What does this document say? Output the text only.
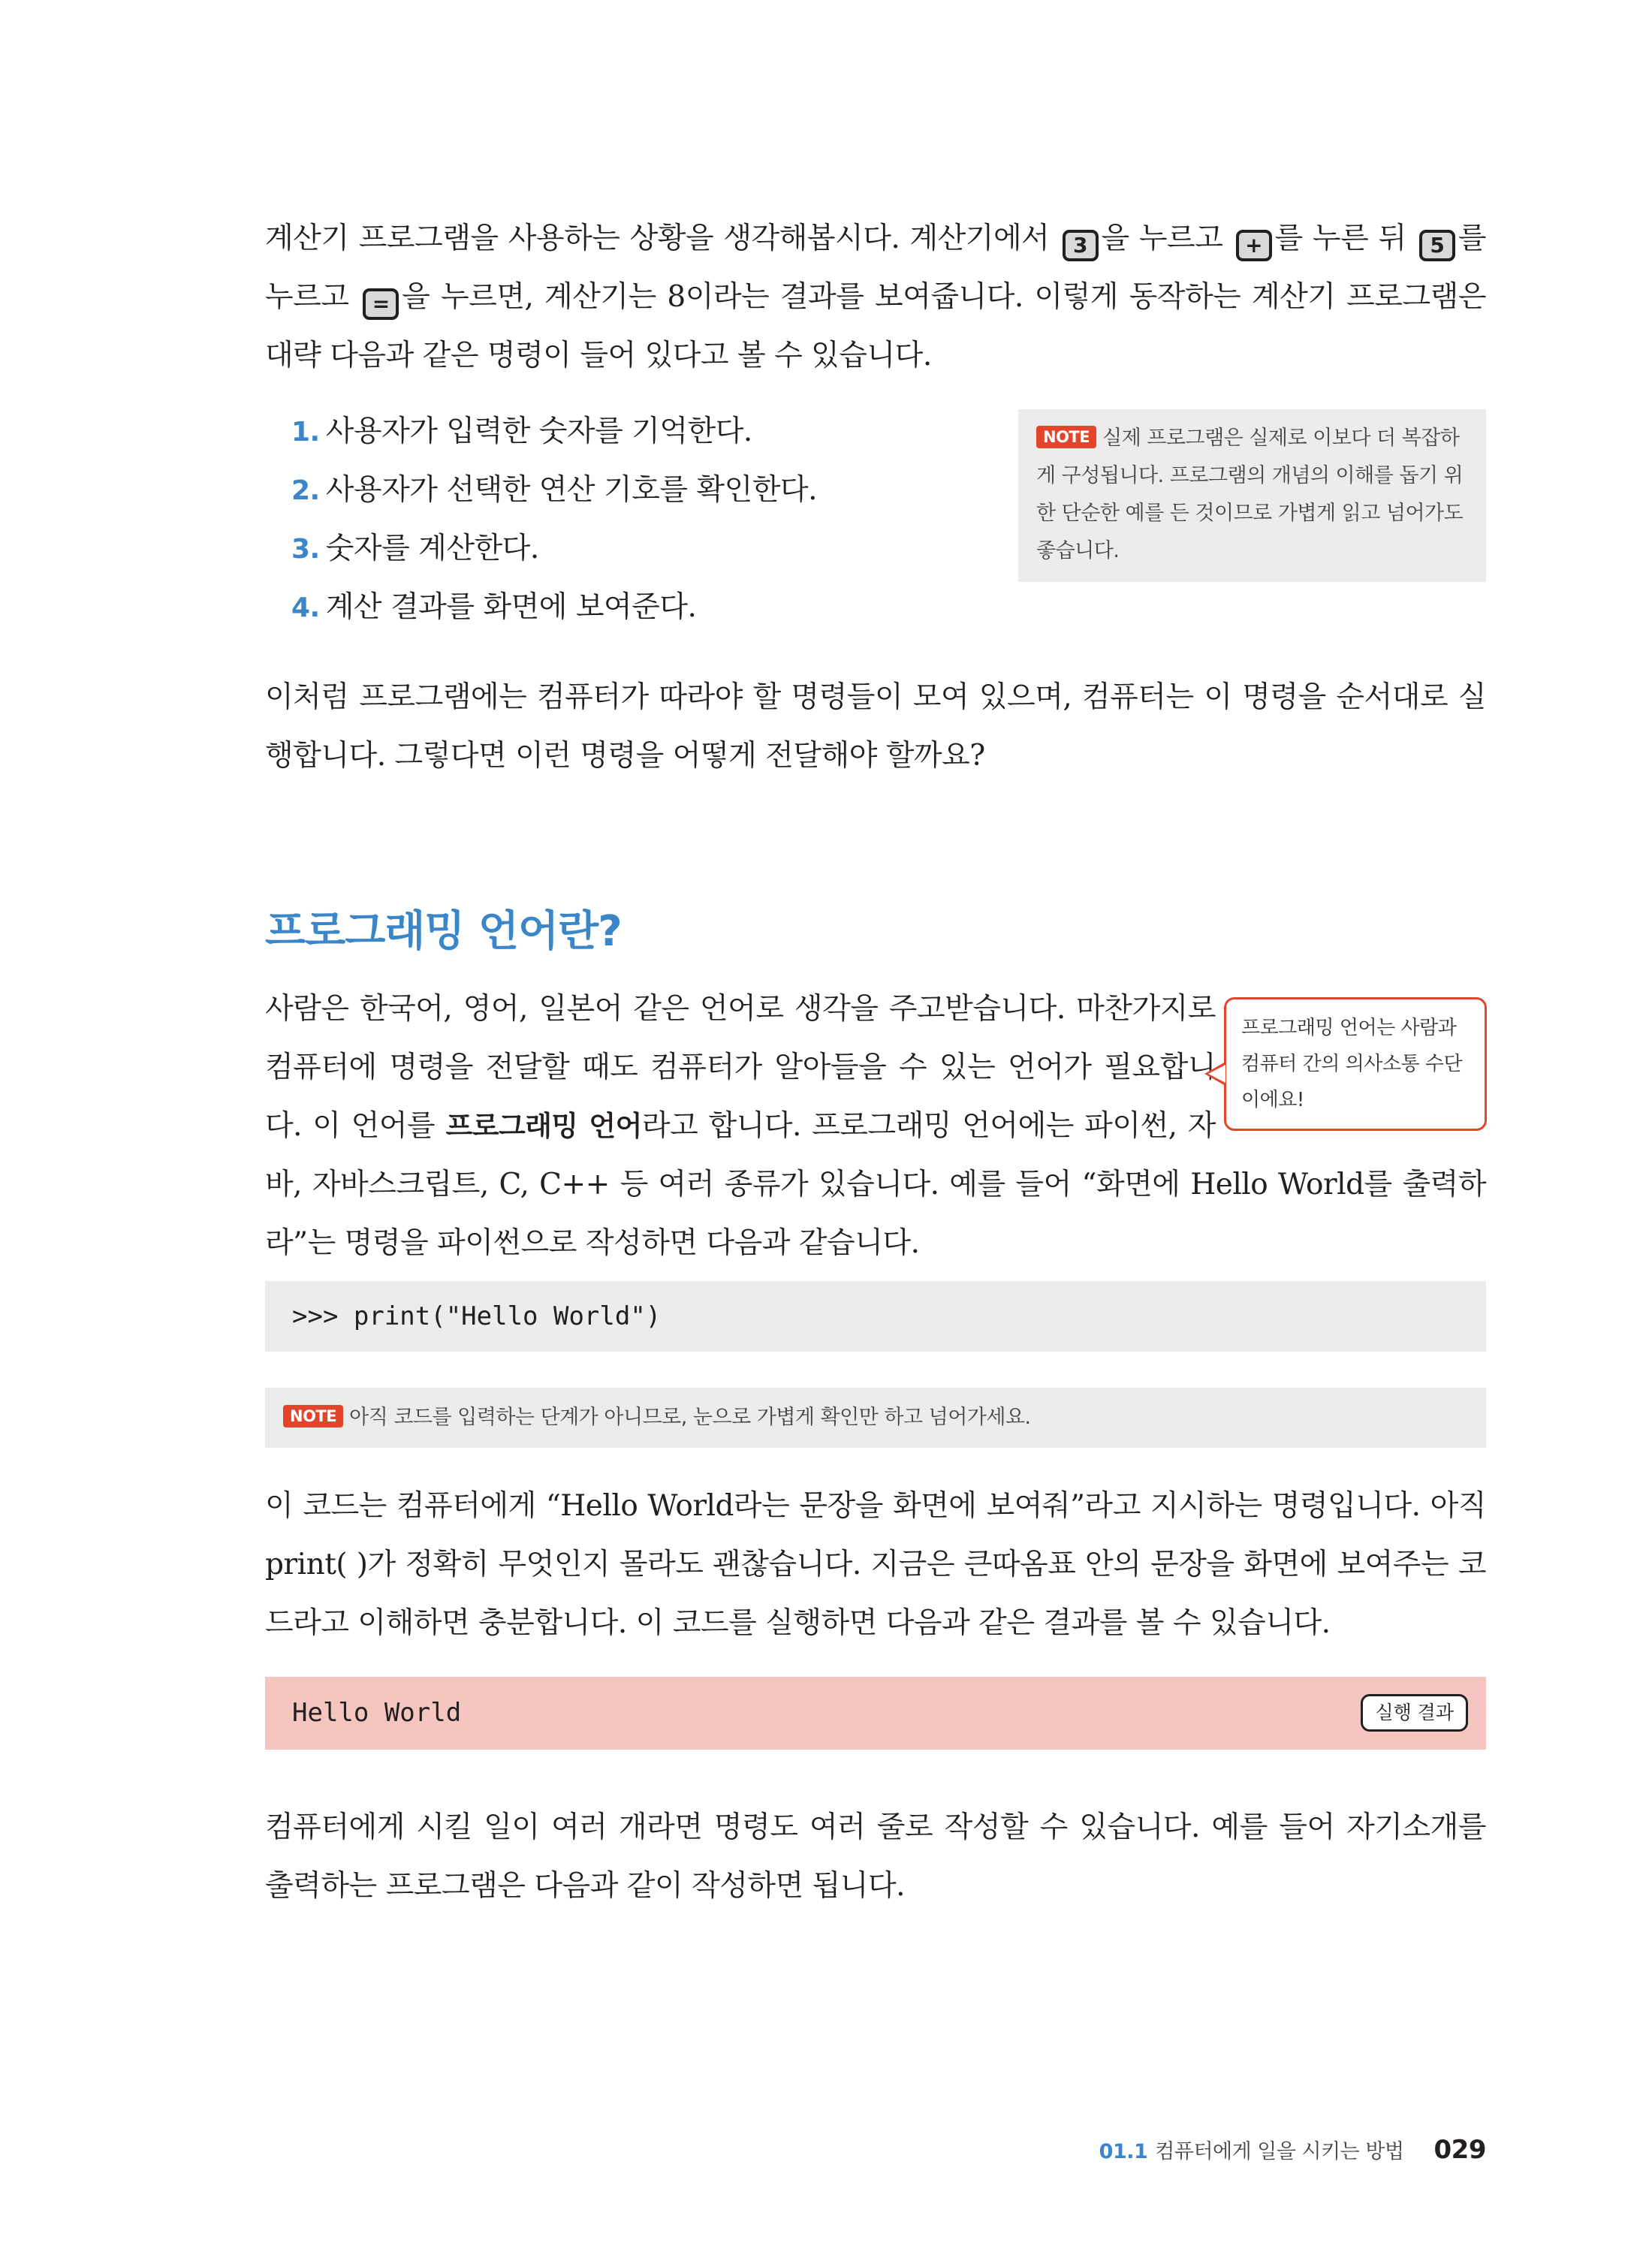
계산기 프로그램을 사용하는 상황을 생각해봅시다. 계산기에서 3 을 누르고 + 를 누른 뒤 5 를 누르고 = 을 누르면, 계산기는 8이라는 결과를 보여줍니다. 이렇게 동작하는 계산기 프로그램은 대략 다음과 같은 명령이 들어 있다고 볼 수 있습니다.

1. 사용자가 입력한 숫자를 기억한다.
2. 사용자가 선택한 연산 기호를 확인한다.
3. 숫자를 계산한다.
4. 계산 결과를 화면에 보여준다.
NOTE 실제 프로그램은 실제로 이보다 더 복잡하게 구성됩니다. 프로그램의 개념의 이해를 돕기 위한 단순한 예를 든 것이므로 가볍게 읽고 넘어가도 좋습니다.

이처럼 프로그램에는 컴퓨터가 따라야 할 명령들이 모여 있으며, 컴퓨터는 이 명령을 순서대로 실행합니다. 그렇다면 이런 명령을 어떻게 전달해야 할까요?

프로그래밍 언어란?

사람은 한국어, 영어, 일본어 같은 언어로 생각을 주고받습니다. 마찬가지로 컴퓨터에 명령을 전달할 때도 컴퓨터가 알아들을 수 있는 언어가 필요합니다. 이 언어를 프로그래밍 언어라고 합니다. 프로그래밍 언어에는 파이썬, 자바, 자바스크립트, C, C++ 등 여러 종류가 있습니다. 예를 들어 “화면에 Hello World를 출력하라”는 명령을 파이썬으로 작성하면 다음과 같습니다.

프로그래밍 언어는 사람과 컴퓨터 간의 의사소통 수단이에요!
>>> print("Hello World")
NOTE 아직 코드를 입력하는 단계가 아니므로, 눈으로 가볍게 확인만 하고 넘어가세요.

이 코드는 컴퓨터에게 “Hello World라는 문장을 화면에 보여줘”라고 지시하는 명령입니다. 아직 print( )가 정확히 무엇인지 몰라도 괜찮습니다. 지금은 큰따옴표 안의 문장을 화면에 보여주는 코드라고 이해하면 충분합니다. 이 코드를 실행하면 다음과 같은 결과를 볼 수 있습니다.

Hello World	실행 결과

컴퓨터에게 시킬 일이 여러 개라면 명령도 여러 줄로 작성할 수 있습니다. 예를 들어 자기소개를 출력하는 프로그램은 다음과 같이 작성하면 됩니다.

01.1 컴퓨터에게 일을 시키는 방법 029
